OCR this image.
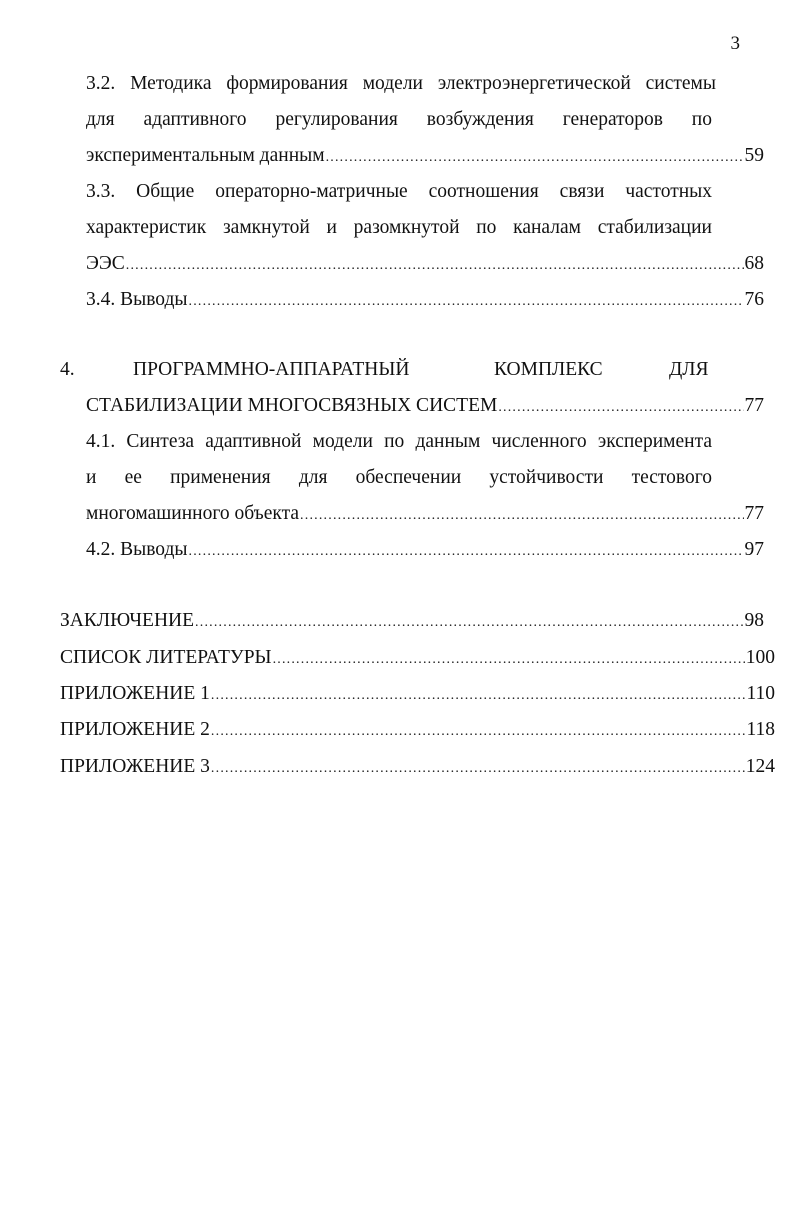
3
3.2. Методика формирования модели электроэнергетической системы
для адаптивного регулирования возбуждения генераторов по
экспериментальным данным .....	59
3.3. Общие операторно-матричные соотношения связи частотных
характеристик замкнутой и разомкнутой по каналам стабилизации
ЭЭС .....	68
3.4. Выводы .....	76
4.	ПРОГРАММНО-АППАРАТНЫЙ	КОМПЛЕКС	ДЛЯ
СТАБИЛИЗАЦИИ МНОГОСВЯЗНЫХ СИСТЕМ .....	77
4.1. Синтеза адаптивной модели по данным численного эксперимента
и ее применения для обеспечении устойчивости тестового
многомашинного объекта .....	77
4.2. Выводы .....	97
ЗАКЛЮЧЕНИЕ .....	98
СПИСОК ЛИТЕРАТУРЫ .....	100
ПРИЛОЖЕНИЕ 1 .....	110
ПРИЛОЖЕНИЕ 2 .....	118
ПРИЛОЖЕНИЕ 3 .....	124
